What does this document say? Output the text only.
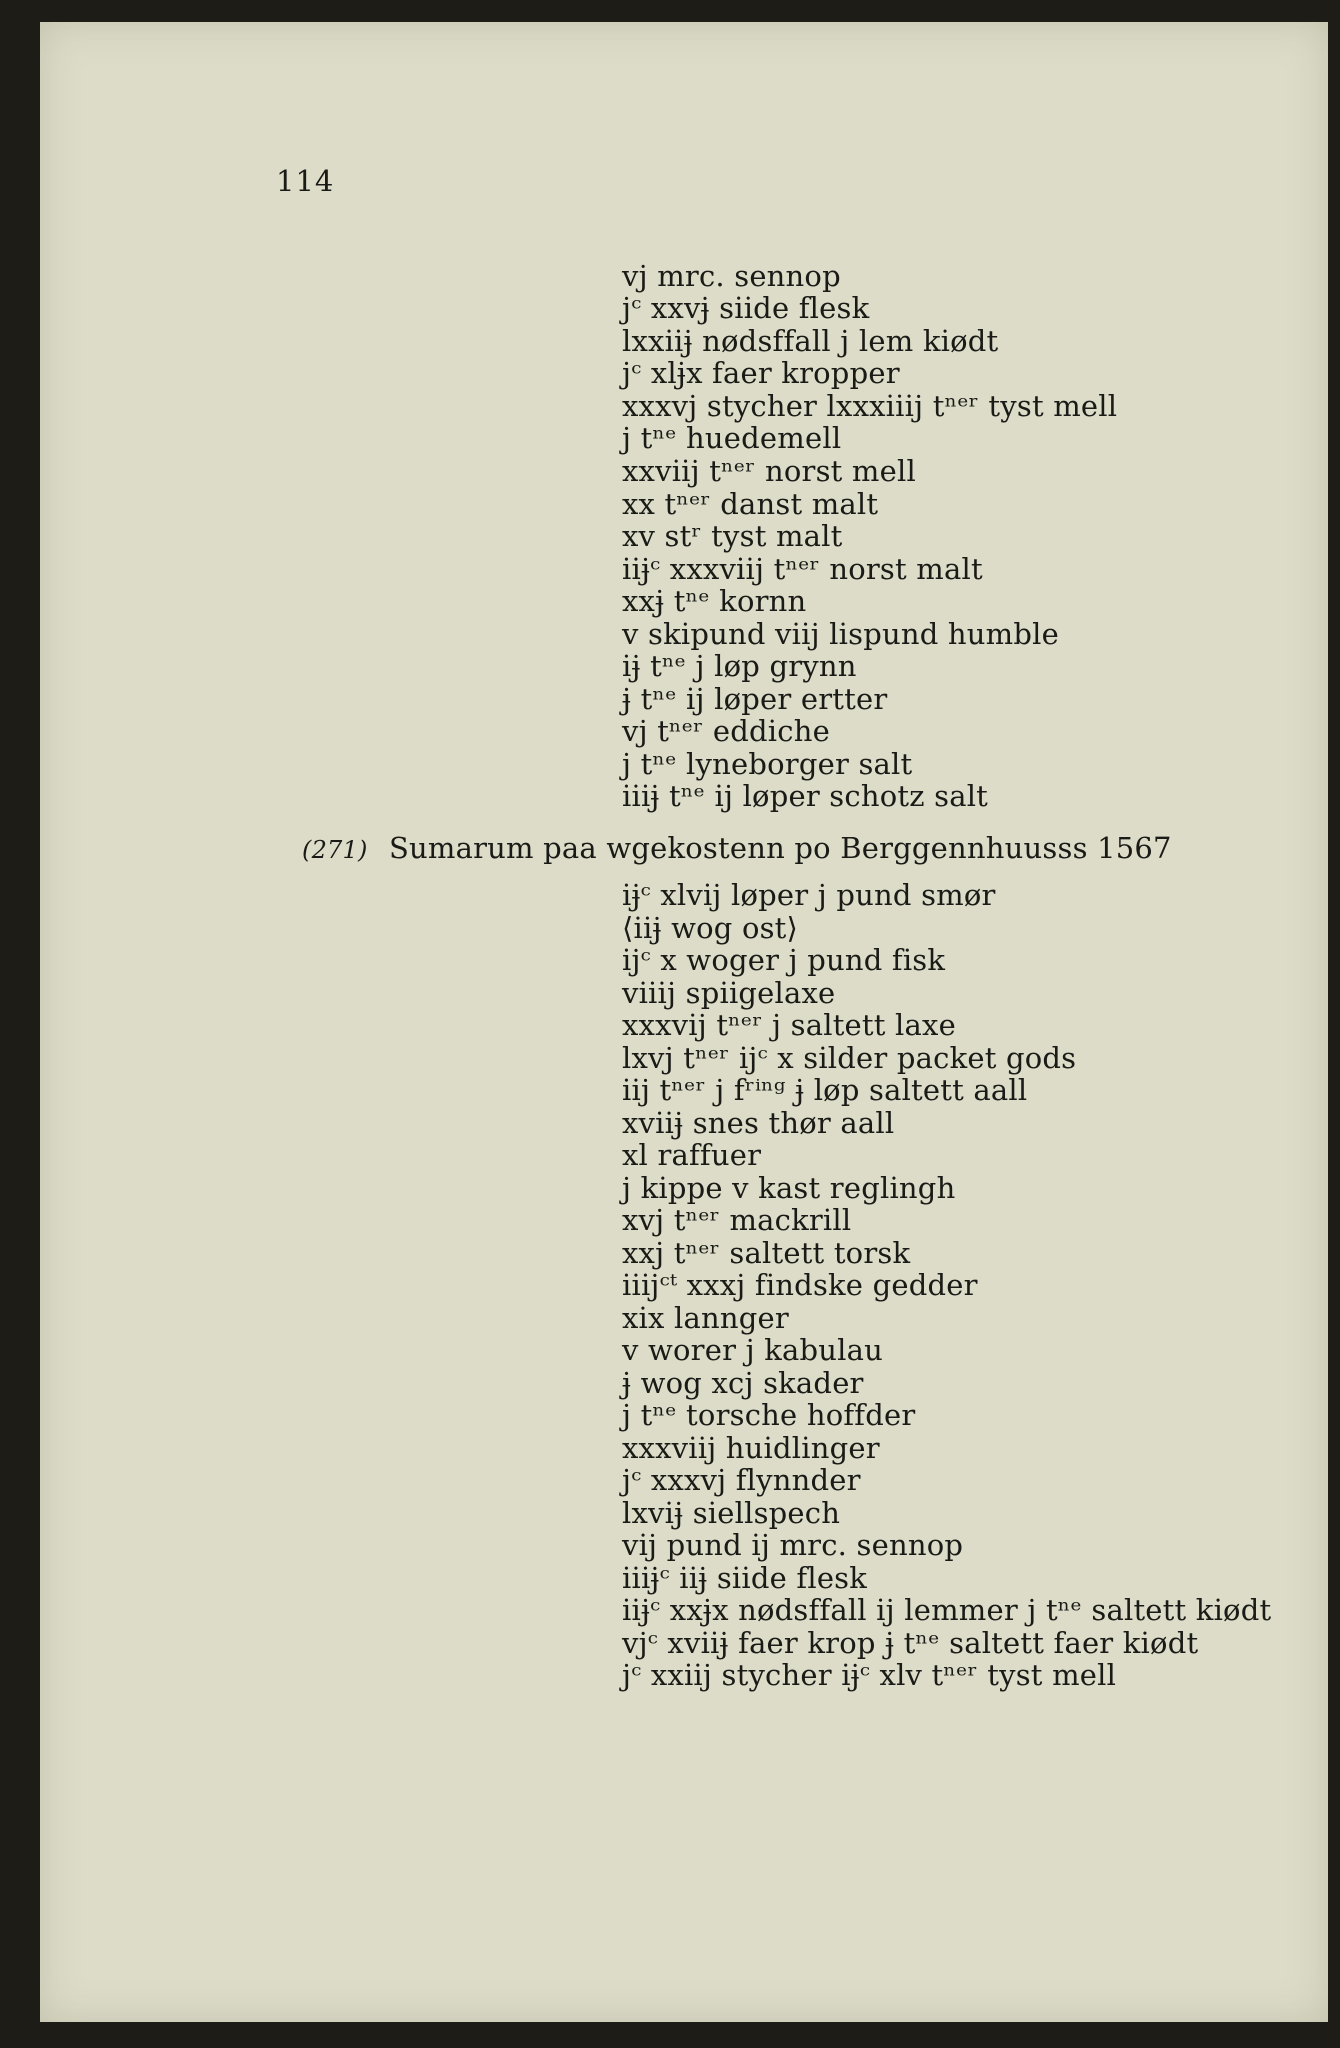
114
vj mrc. sennop
jᶜ xxvj̵ siide flesk
lxxiij̵ nødsffall j lem kiødt
jᶜ xlj̵x faer kropper
xxxvj stycher lxxxiiij tⁿᵉʳ tyst mell
j tⁿᵉ huedemell
xxviij tⁿᵉʳ norst mell
xx tⁿᵉʳ danst malt
xv stʳ tyst malt
iij̵ᶜ xxxviij tⁿᵉʳ norst malt
xxj̵ tⁿᵉ kornn
v skipund viij lispund humble
ij̵ tⁿᵉ j løp grynn
j̵ tⁿᵉ ij løper ertter
vj tⁿᵉʳ eddiche
j tⁿᵉ lyneborger salt
iiij̵ tⁿᵉ ij løper schotz salt
(271) Sumarum paa wgekostenn po Berggennhuusss 1567
ij̵ᶜ xlvij løper j pund smør
⟨iij̵ wog ost⟩
ijᶜ x woger j pund fisk
viiij spiigelaxe
xxxvij tⁿᵉʳ j saltett laxe
lxvj tⁿᵉʳ ijᶜ x silder packet gods
iij tⁿᵉʳ j fʳⁱⁿᵍ j̵ løp saltett aall
xviij̵ snes thør aall
xl raffuer
j kippe v kast reglingh
xvj tⁿᵉʳ mackrill
xxj tⁿᵉʳ saltett torsk
iiijᶜᵗ xxxj findske gedder
xix lannger
v worer j kabulau
j̵ wog xcj skader
j tⁿᵉ torsche hoffder
xxxviij huidlinger
jᶜ xxxvj flynnder
lxvij̵ siellspech
vij pund ij mrc. sennop
iiij̵ᶜ iij̵ siide flesk
iij̵ᶜ xxj̵x nødsffall ij lemmer j tⁿᵉ saltett kiødt
vjᶜ xviij̵ faer krop j̵ tⁿᵉ saltett faer kiødt
jᶜ xxiij stycher ij̵ᶜ xlv tⁿᵉʳ tyst mell
